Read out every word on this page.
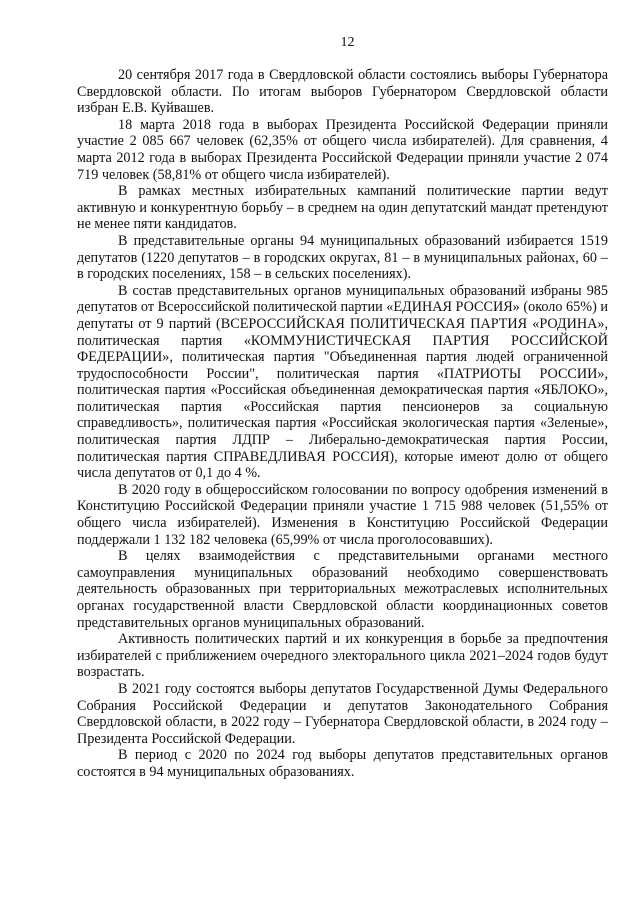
12

20 сентября 2017 года в Свердловской области состоялись выборы Губернатора Свердловской области. По итогам выборов Губернатором Свердловской области избран Е.В. Куйвашев.

18 марта 2018 года в выборах Президента Российской Федерации приняли участие 2 085 667 человек (62,35% от общего числа избирателей). Для сравнения, 4 марта 2012 года в выборах Президента Российской Федерации приняли участие 2 074 719 человек (58,81% от общего числа избирателей).

В рамках местных избирательных кампаний политические партии ведут активную и конкурентную борьбу – в среднем на один депутатский мандат претендуют не менее пяти кандидатов.

В представительные органы 94 муниципальных образований избирается 1519 депутатов (1220 депутатов – в городских округах, 81 – в муниципальных районах, 60 – в городских поселениях, 158 – в сельских поселениях).

В состав представительных органов муниципальных образований избраны 985 депутатов от Всероссийской политической партии «ЕДИНАЯ РОССИЯ» (около 65%) и депутаты от 9 партий (ВСЕРОССИЙСКАЯ ПОЛИТИЧЕСКАЯ ПАРТИЯ «РОДИНА», политическая партия «КОММУНИСТИЧЕСКАЯ ПАРТИЯ РОССИЙСКОЙ ФЕДЕРАЦИИ», политическая партия "Объединенная партия людей ограниченной трудоспособности России", политическая партия «ПАТРИОТЫ РОССИИ», политическая партия «Российская объединенная демократическая партия «ЯБЛОКО», политическая партия «Российская партия пенсионеров за социальную справедливость», политическая партия «Российская экологическая партия «Зеленые», политическая партия ЛДПР – Либерально-демократическая партия России, политическая партия СПРАВЕДЛИВАЯ РОССИЯ), которые имеют долю от общего числа депутатов от 0,1 до 4 %.

В 2020 году в общероссийском голосовании по вопросу одобрения изменений в Конституцию Российской Федерации приняли участие 1 715 988 человек (51,55% от общего числа избирателей). Изменения в Конституцию Российской Федерации поддержали 1 132 182 человека (65,99% от числа проголосовавших).

В целях взаимодействия с представительными органами местного самоуправления муниципальных образований необходимо совершенствовать деятельность образованных при территориальных межотраслевых исполнительных органах государственной власти Свердловской области координационных советов представительных органов муниципальных образований.

Активность политических партий и их конкуренция в борьбе за предпочтения избирателей с приближением очередного электорального цикла 2021–2024 годов будут возрастать.

В 2021 году состоятся выборы депутатов Государственной Думы Федерального Собрания Российской Федерации и депутатов Законодательного Собрания Свердловской области, в 2022 году – Губернатора Свердловской области, в 2024 году – Президента Российской Федерации.

В период с 2020 по 2024 год выборы депутатов представительных органов состоятся в 94 муниципальных образованиях.
